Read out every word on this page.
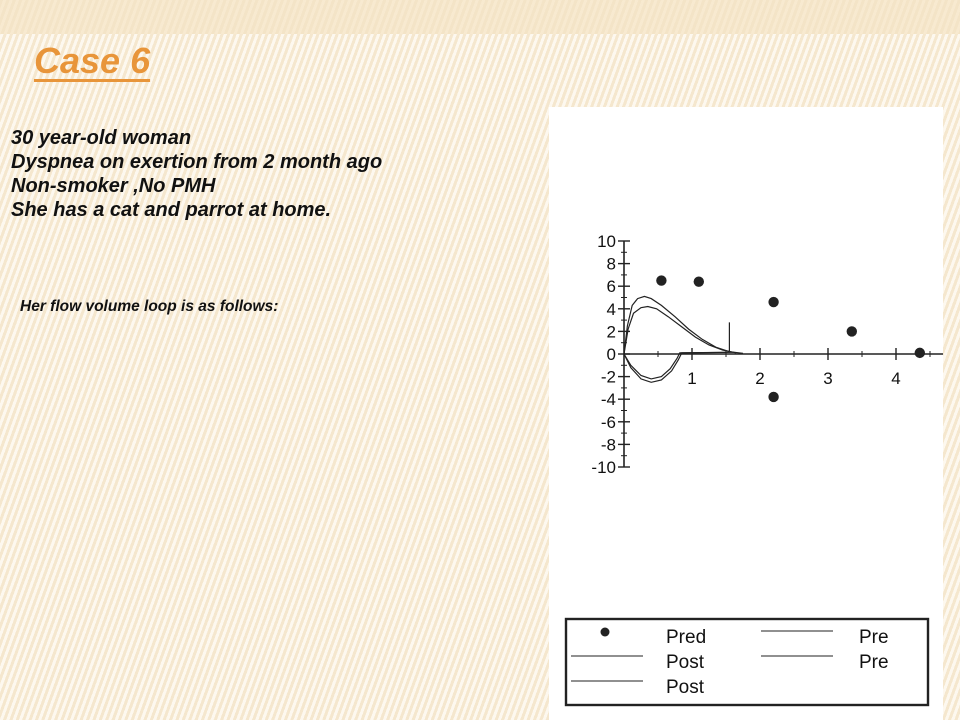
Case 6
30 year-old woman
Dyspnea on exertion from 2 month ago
Non-smoker ,No PMH
She has a cat and parrot at home.

Her flow volume loop is as follows:

10
8
6
4
2
0
-2
-4
-6
-8
-10
1	2	3	4
Pred	Pre
Post	Pre
Post
